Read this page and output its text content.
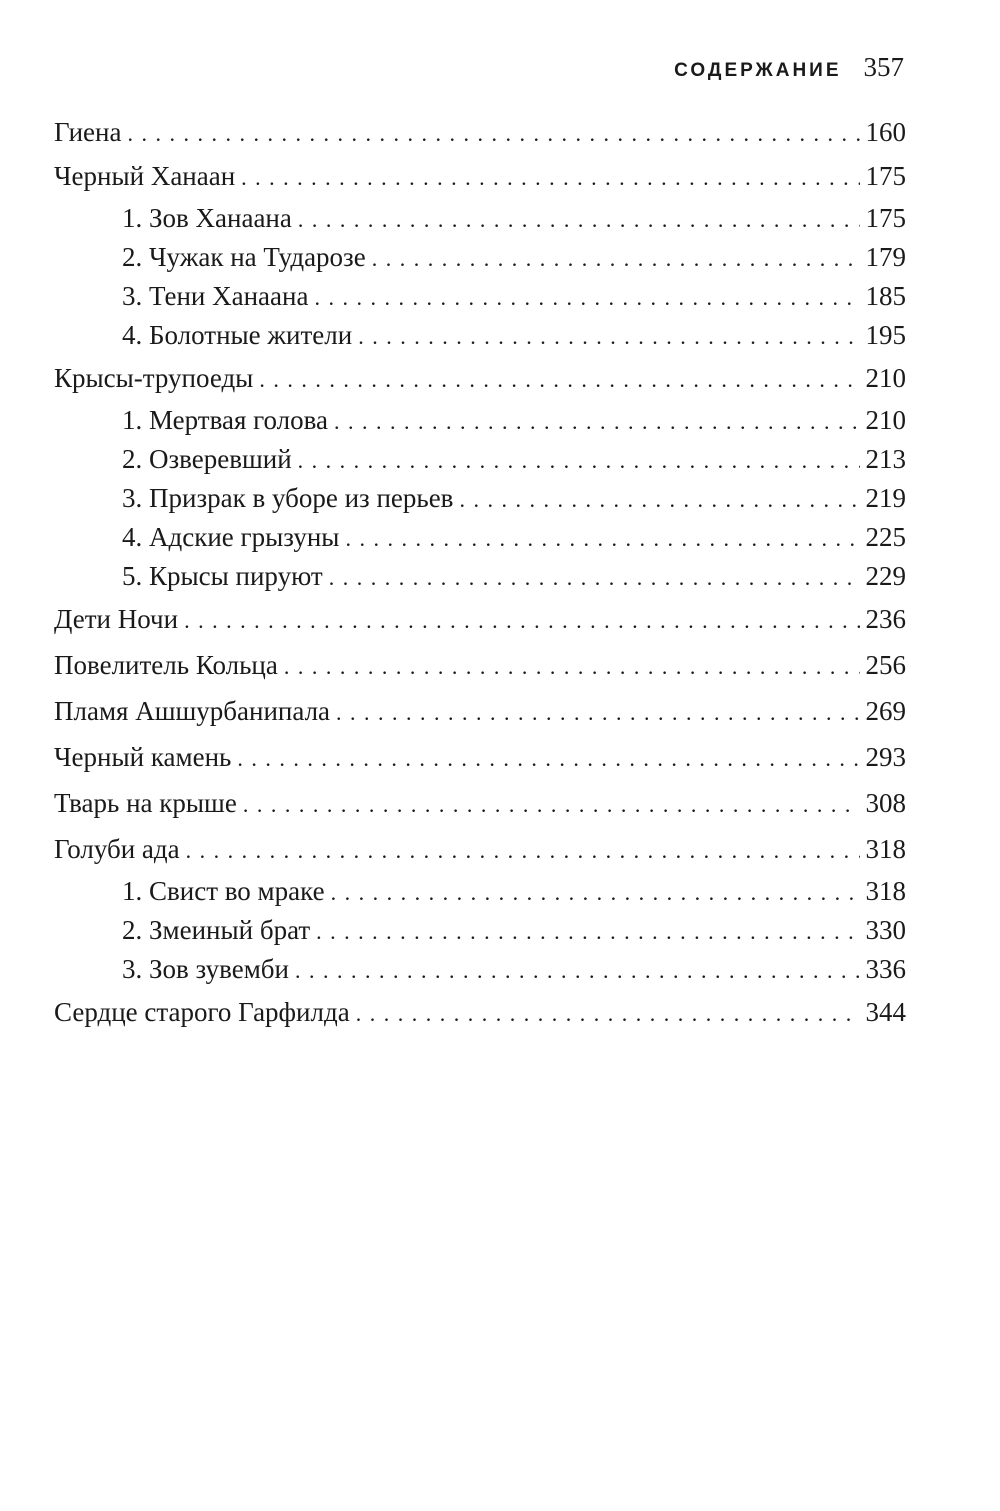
СОДЕРЖАНИЕ 357
Гиена . . .	160
Черный Ханаан . . .	175
1. Зов Ханаана . . .	175
2. Чужак на Тударозе . . .	179
3. Тени Ханаана . . .	185
4. Болотные жители . . .	195
Крысы-трупоеды . . .	210
1. Мертвая голова . . .	210
2. Озверевший . . .	213
3. Призрак в уборе из перьев . . .	219
4. Адские грызуны . . .	225
5. Крысы пируют . . .	229
Дети Ночи . . .	236
Повелитель Кольца . . .	256
Пламя Ашшурбанипала . . .	269
Черный камень . . .	293
Тварь на крыше . . .	308
Голуби ада . . .	318
1. Свист во мраке . . .	318
2. Змеиный брат . . .	330
3. Зов зувемби . . .	336
Сердце старого Гарфилда . . .	344
